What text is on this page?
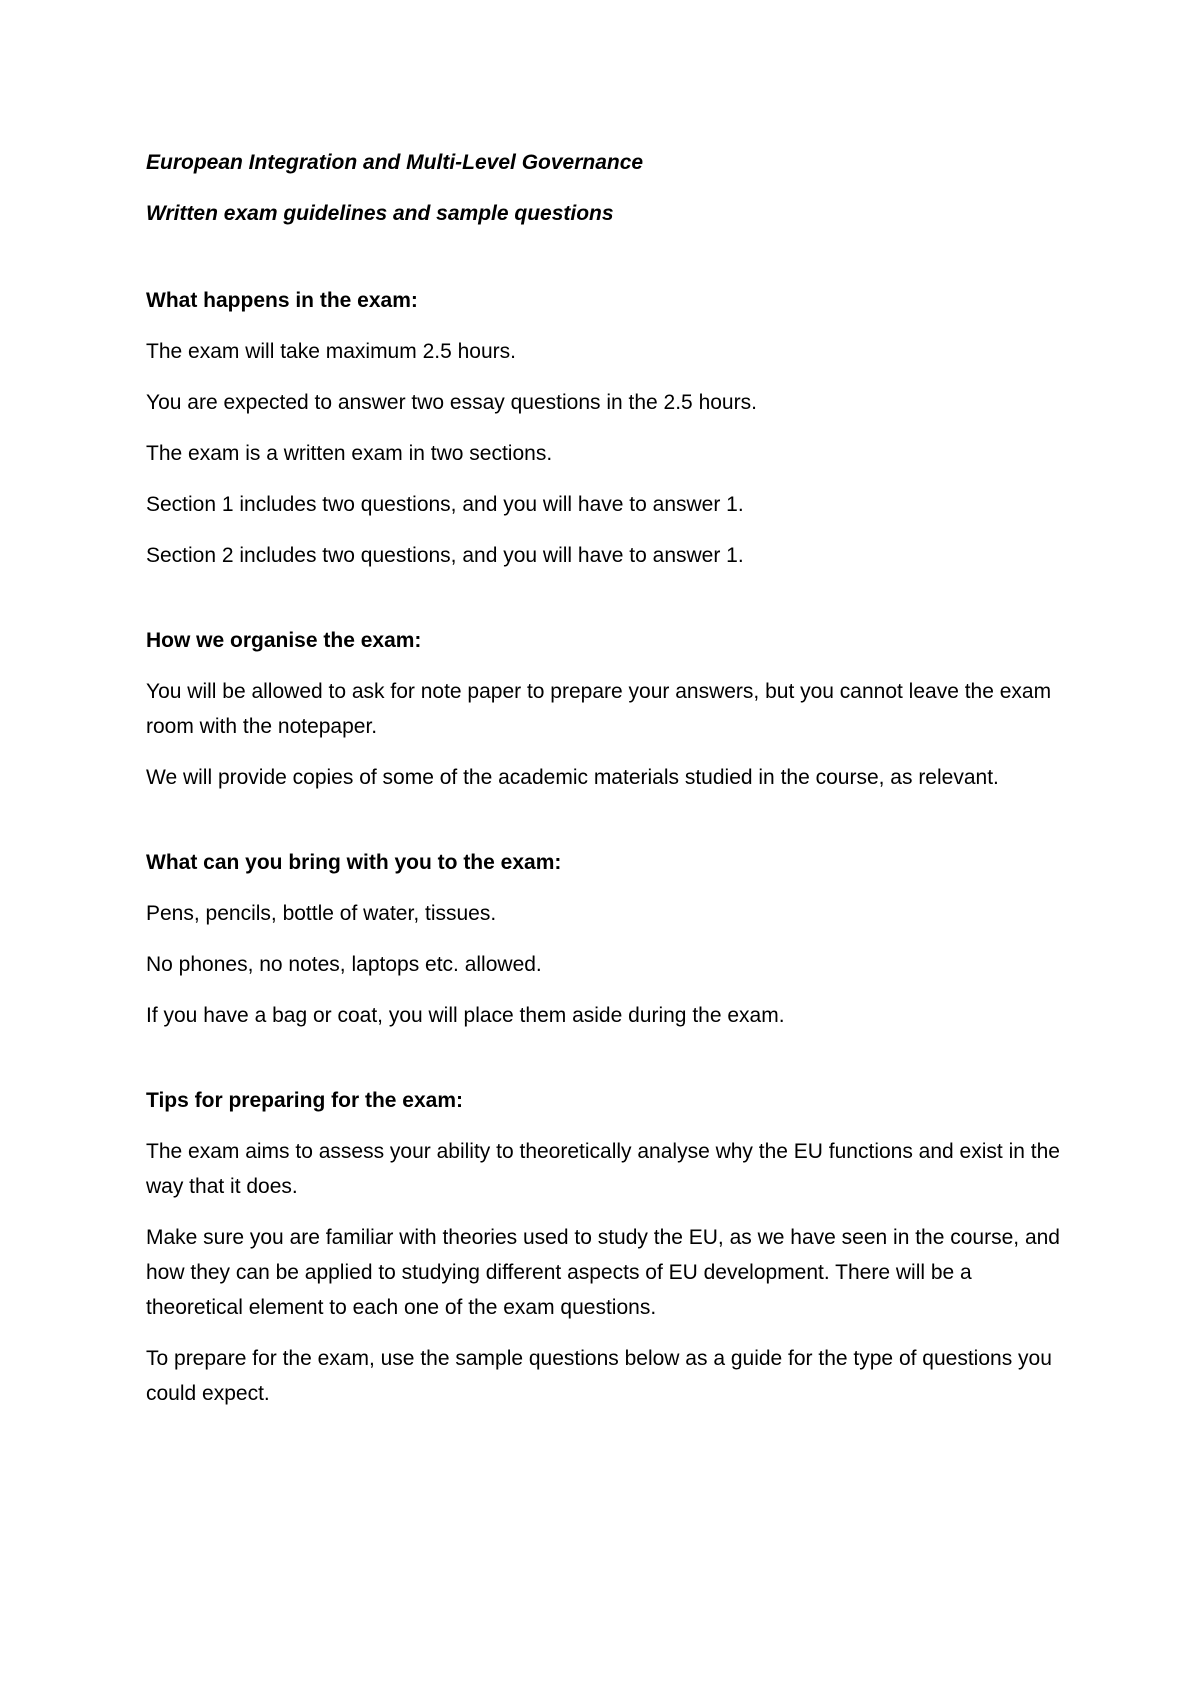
European Integration and Multi-Level Governance

Written exam guidelines and sample questions

What happens in the exam:

The exam will take maximum 2.5 hours.

You are expected to answer two essay questions in the 2.5 hours.

The exam is a written exam in two sections.

Section 1 includes two questions, and you will have to answer 1.

Section 2 includes two questions, and you will have to answer 1.

How we organise the exam:

You will be allowed to ask for note paper to prepare your answers, but you cannot leave the exam room with the notepaper.

We will provide copies of some of the academic materials studied in the course, as relevant.

What can you bring with you to the exam:

Pens, pencils, bottle of water, tissues.

No phones, no notes, laptops etc. allowed.

If you have a bag or coat, you will place them aside during the exam.

Tips for preparing for the exam:

The exam aims to assess your ability to theoretically analyse why the EU functions and exist in the way that it does.

Make sure you are familiar with theories used to study the EU, as we have seen in the course, and how they can be applied to studying different aspects of EU development. There will be a theoretical element to each one of the exam questions.

To prepare for the exam, use the sample questions below as a guide for the type of questions you could expect.
